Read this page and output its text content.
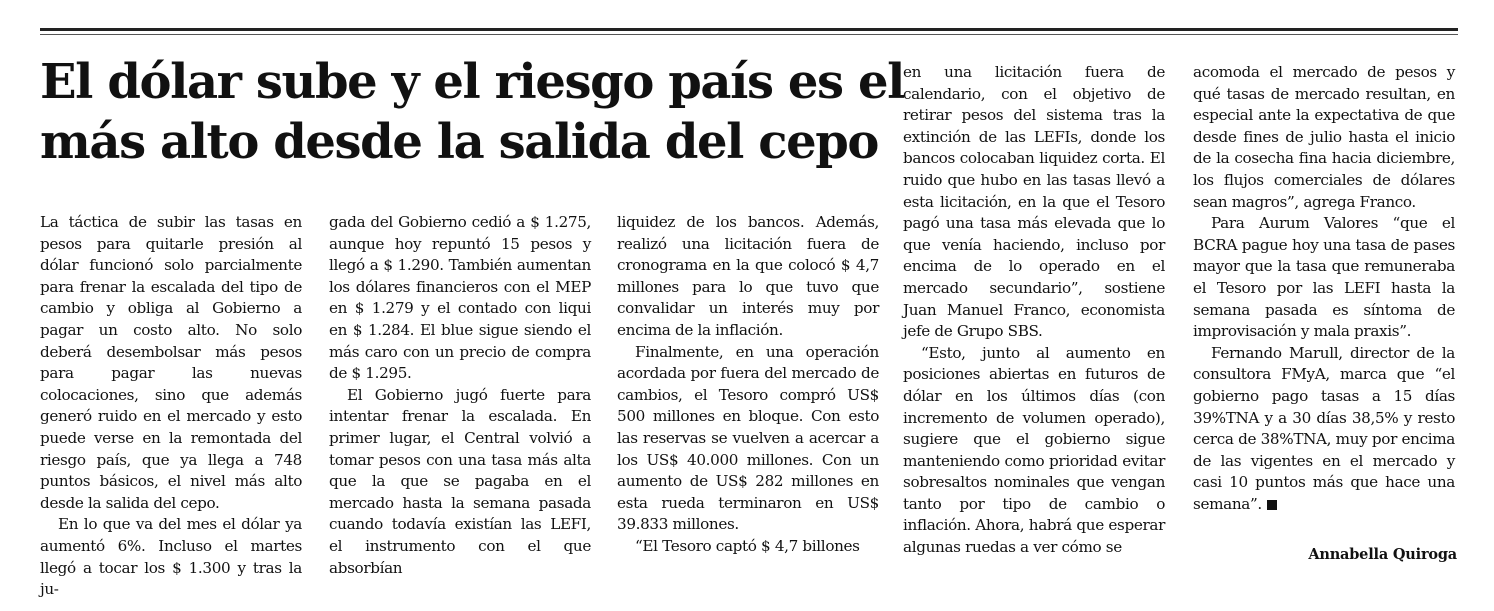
El dólar sube y el riesgo país es el
más alto desde la salida del cepo

La táctica de subir las tasas en pesos para quitarle presión al dólar funcionó solo parcialmente para frenar la escalada del tipo de cambio y obliga al Gobierno a pagar un costo alto. No solo deberá desembolsar más pesos para pagar las nuevas colocaciones, sino que además generó ruido en el mercado y esto puede verse en la remontada del riesgo país, que ya llega a 748 puntos básicos, el nivel más alto desde la salida del cepo.

En lo que va del mes el dólar ya aumentó 6%. Incluso el martes llegó a tocar los $ 1.300 y tras la ju-

gada del Gobierno cedió a $ 1.275, aunque hoy repuntó 15 pesos y llegó a $ 1.290. También aumentan los dólares financieros con el MEP en $ 1.279 y el contado con liqui en $ 1.284. El blue sigue siendo el más caro con un precio de compra de $ 1.295.

El Gobierno jugó fuerte para intentar frenar la escalada. En primer lugar, el Central volvió a tomar pesos con una tasa más alta que la que se pagaba en el mercado hasta la semana pasada cuando todavía existían las LEFI, el instrumento con el que absorbían

liquidez de los bancos. Además, realizó una licitación fuera de cronograma en la que colocó $ 4,7 millones para lo que tuvo que convalidar un interés muy por encima de la inflación.

Finalmente, en una operación acordada por fuera del mercado de cambios, el Tesoro compró US$ 500 millones en bloque. Con esto las reservas se vuelven a acercar a los US$ 40.000 millones. Con un aumento de US$ 282 millones en esta rueda terminaron en US$ 39.833 millones.

“El Tesoro captó $ 4,7 billones

en una licitación fuera de calendario, con el objetivo de retirar pesos del sistema tras la extinción de las LEFIs, donde los bancos colocaban liquidez corta. El ruido que hubo en las tasas llevó a esta licitación, en la que el Tesoro pagó una tasa más elevada que lo que venía haciendo, incluso por encima de lo operado en el mercado secundario”, sostiene Juan Manuel Franco, economista jefe de Grupo SBS.

“Esto, junto al aumento en posiciones abiertas en futuros de dólar en los últimos días (con incremento de volumen operado), sugiere que el gobierno sigue manteniendo como prioridad evitar sobresaltos nominales que vengan tanto por tipo de cambio o inflación. Ahora, habrá que esperar algunas ruedas a ver cómo se

acomoda el mercado de pesos y qué tasas de mercado resultan, en especial ante la expectativa de que desde fines de julio hasta el inicio de la cosecha fina hacia diciembre, los flujos comerciales de dólares sean magros”, agrega Franco.

Para Aurum Valores “que el BCRA pague hoy una tasa de pases mayor que la tasa que remuneraba el Tesoro por las LEFI hasta la semana pasada es síntoma de improvisación y mala praxis”.

Fernando Marull, director de la consultora FMyA, marca que “el gobierno pago tasas a 15 días 39%TNA y a 30 días 38,5% y resto cerca de 38%TNA, muy por encima de las vigentes en el mercado y casi 10 puntos más que hace una semana”.

Annabella Quiroga
